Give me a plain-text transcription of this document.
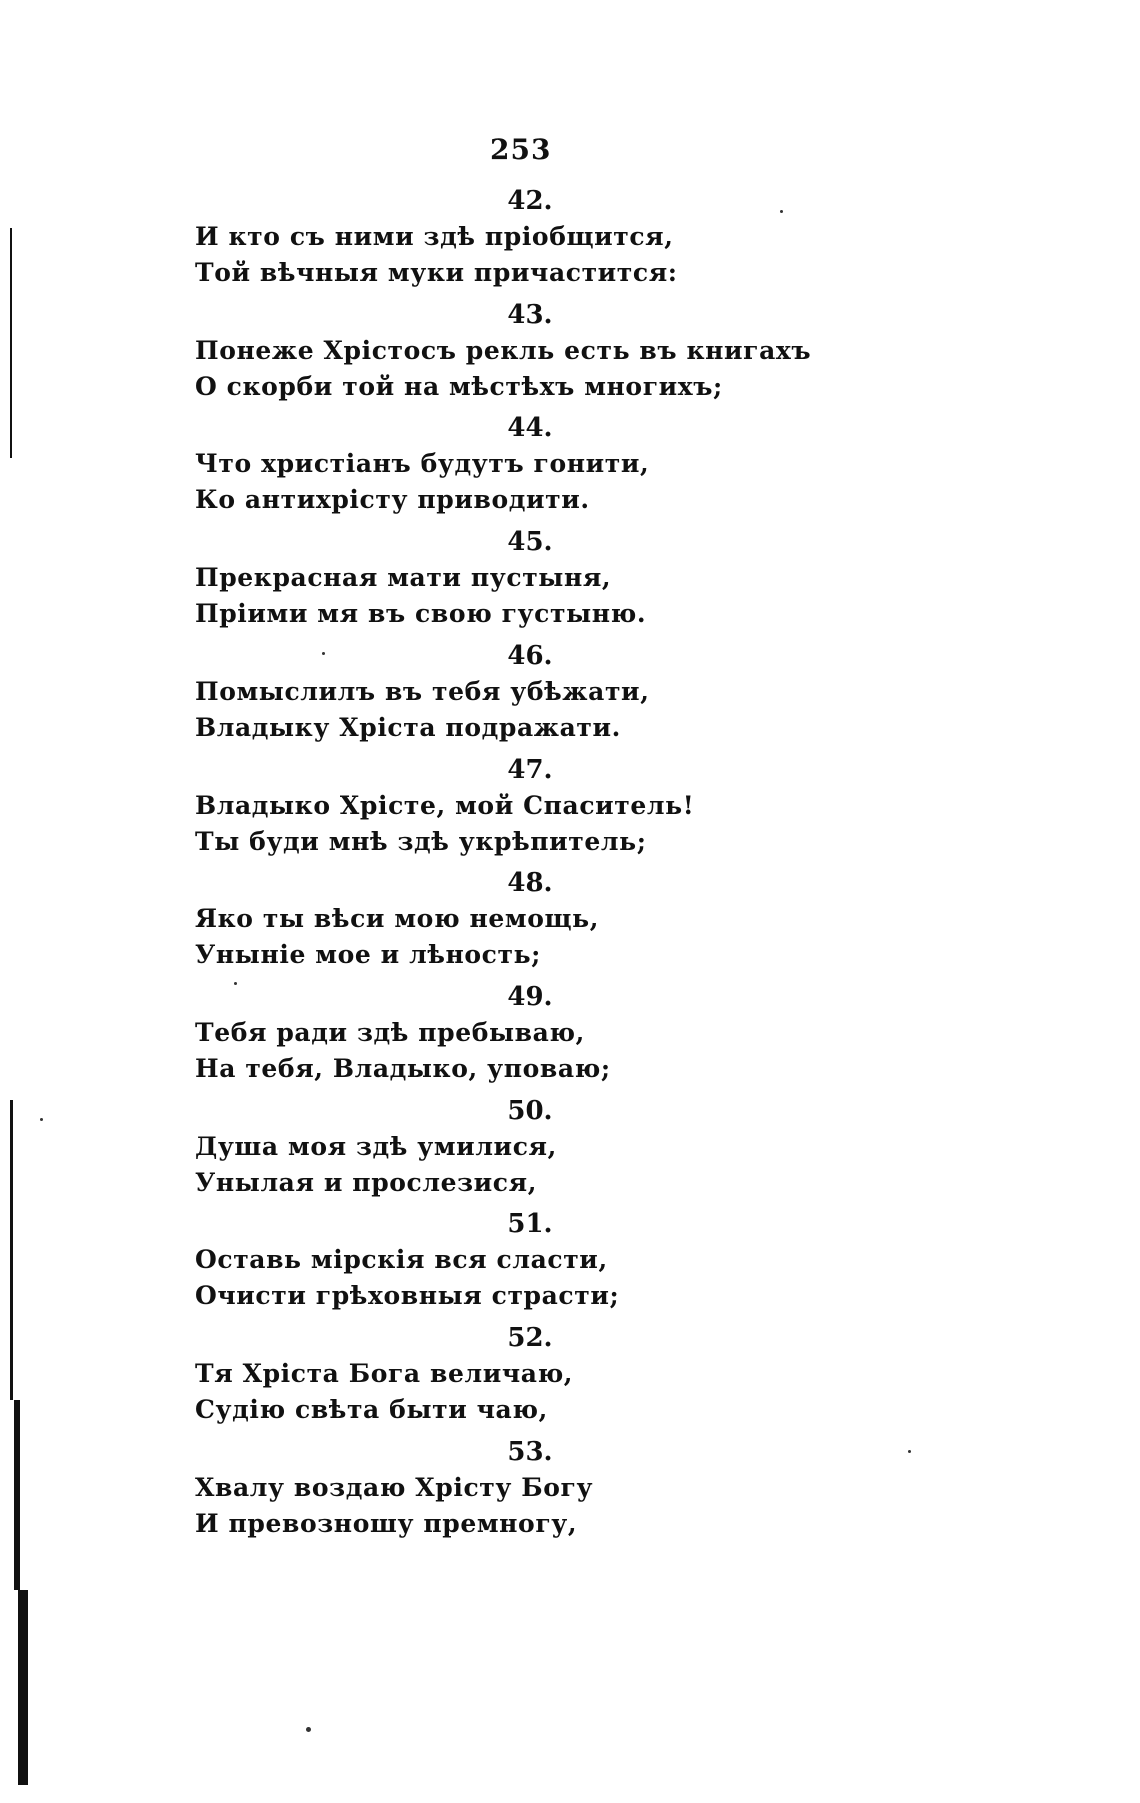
253
42.
И кто съ ними здѣ пріобщится,
Той вѣчныя муки причастится:
43.
Понеже Хрістосъ рекль есть въ книгахъ
О скорби той на мѣстѣхъ многихъ;
44.
Что христіанъ будутъ гонити,
Ко антихрісту приводити.
45.
Прекрасная мати пустыня,
Пріими мя въ свою густыню.
46.
Помыслилъ въ тебя убѣжати,
Владыку Хріста подражати.
47.
Владыко Хрісте, мой Спаситель!
Ты буди мнѣ здѣ укрѣпитель;
48.
Яко ты вѣси мою немощь,
Уныніе мое и лѣность;
49.
Тебя ради здѣ пребываю,
На тебя, Владыко, уповаю;
50.
Душа моя здѣ умилися,
Унылая и прослезися,
51.
Оставь мірскія вся сласти,
Очисти грѣховныя страсти;
52.
Тя Хріста Бога величаю,
Судію свѣта быти чаю,
53.
Хвалу воздаю Хрісту Богу
И превозношу премногу,
